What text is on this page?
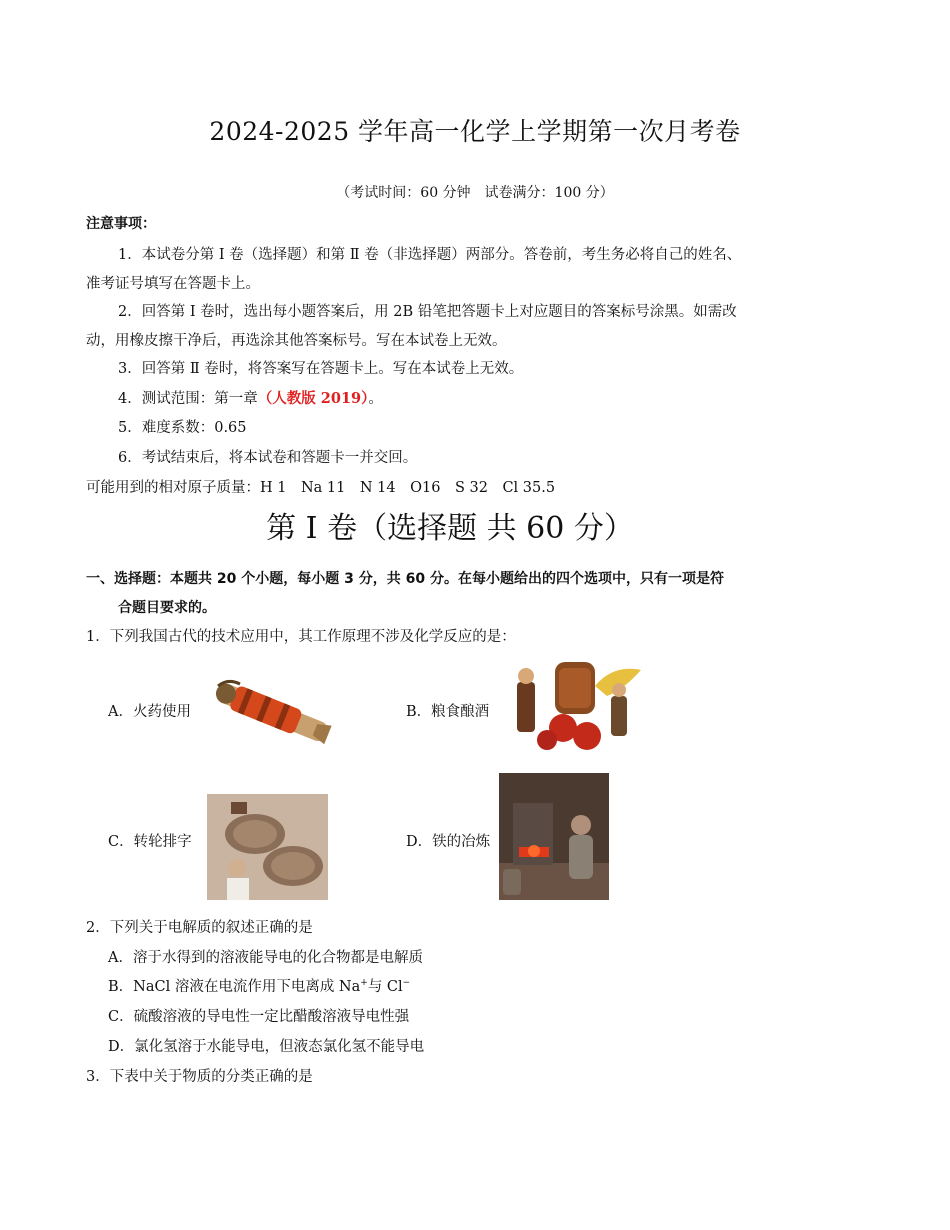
2024-2025 学年高一化学上学期第一次月考卷
（考试时间：60 分钟　试卷满分：100 分）
注意事项：
1．本试卷分第 Ⅰ 卷（选择题）和第 Ⅱ 卷（非选择题）两部分。答卷前，考生务必将自己的姓名、
准考证号填写在答题卡上。
2．回答第 Ⅰ 卷时，选出每小题答案后，用 2B 铅笔把答题卡上对应题目的答案标号涂黑。如需改
动，用橡皮擦干净后，再选涂其他答案标号。写在本试卷上无效。
3．回答第 Ⅱ 卷时，将答案写在答题卡上。写在本试卷上无效。
4．测试范围：第一章（人教版 2019）。
5．难度系数：0.65
6．考试结束后，将本试卷和答题卡一并交回。
可能用到的相对原子质量：H 1　Na 11　N 14　O16　S 32　Cl 35.5
第 Ⅰ 卷（选择题 共 60 分）
一、选择题：本题共 20 个小题，每小题 3 分，共 60 分。在每小题给出的四个选项中，只有一项是符
合题目要求的。
1．下列我国古代的技术应用中，其工作原理不涉及化学反应的是：
A．火药使用	B．粮食酿酒
C．转轮排字	D．铁的冶炼
2．下列关于电解质的叙述正确的是
A．溶于水得到的溶液能导电的化合物都是电解质
B．NaCl 溶液在电流作用下电离成 Na+与 Cl−
C．硫酸溶液的导电性一定比醋酸溶液导电性强
D．氯化氢溶于水能导电，但液态氯化氢不能导电
3．下表中关于物质的分类正确的是
